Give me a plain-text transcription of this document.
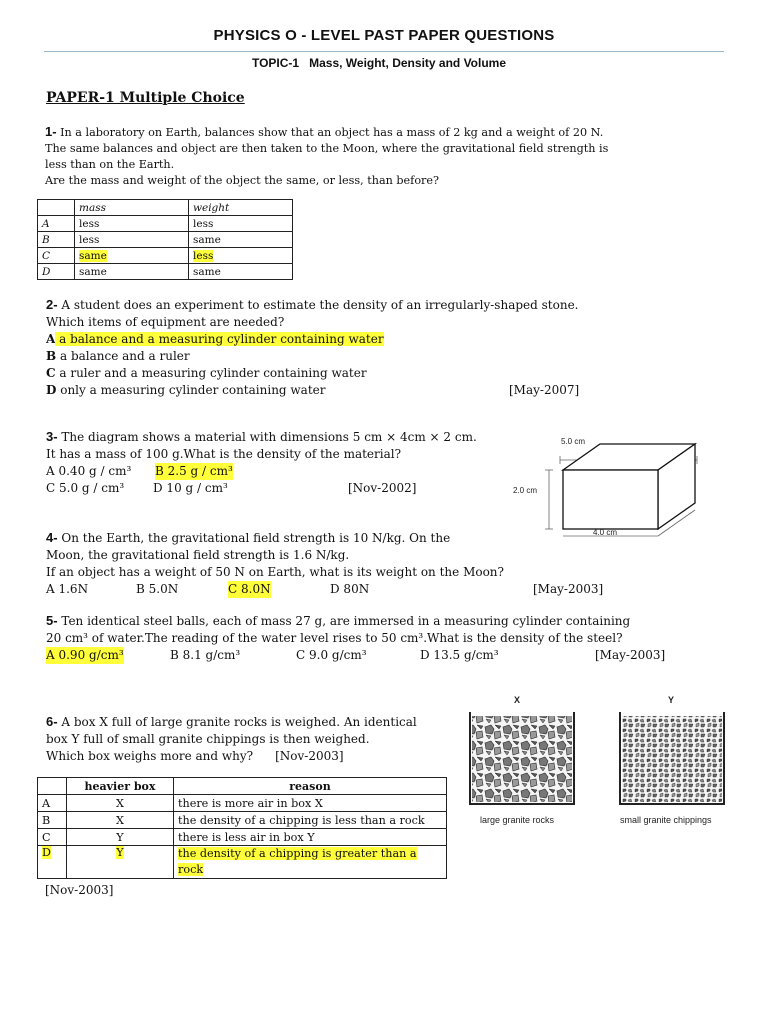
PHYSICS O - LEVEL PAST PAPER QUESTIONS
TOPIC-1 Mass, Weight, Density and Volume
PAPER-1 Multiple Choice
1- In a laboratory on Earth, balances show that an object has a mass of 2 kg and a weight of 20 N.
The same balances and object are then taken to the Moon, where the gravitational field strength is
less than on the Earth.
Are the mass and weight of the object the same, or less, than before?
	mass	weight
A	less	less
B	less	same
C	same	less
D	same	same
2- A student does an experiment to estimate the density of an irregularly-shaped stone.
Which items of equipment are needed?
A a balance and a measuring cylinder containing water
B a balance and a ruler
C a ruler and a measuring cylinder containing water
D only a measuring cylinder containing water	[May-2007]
3- The diagram shows a material with dimensions 5 cm × 4cm × 2 cm.
It has a mass of 100 g.What is the density of the material?
A 0.40 g / cm³ B 2.5 g / cm³
C 5.0 g / cm³ D 10 g / cm³	[Nov-2002]
5.0 cm
2.0 cm
4.0 cm
4- On the Earth, the gravitational field strength is 10 N/kg. On the
Moon, the gravitational field strength is 1.6 N/kg.
If an object has a weight of 50 N on Earth, what is its weight on the Moon?
A 1.6N	B 5.0N	C 8.0N	D 80N	[May-2003]
5- Ten identical steel balls, each of mass 27 g, are immersed in a measuring cylinder containing
20 cm³ of water.The reading of the water level rises to 50 cm³.What is the density of the steel?
A 0.90 g/cm³	B 8.1 g/cm³	C 9.0 g/cm³	D 13.5 g/cm³	[May-2003]
6- A box X full of large granite rocks is weighed. An identical
box Y full of small granite chippings is then weighed.
Which box weighs more and why? [Nov-2003]
	heavier box	reason
A	X	there is more air in box X
B	X	the density of a chipping is less than a rock
C	Y	there is less air in box Y
D	Y	the density of a chipping is greater than a rock
[Nov-2003]
X	Y
large granite rocks	small granite chippings
